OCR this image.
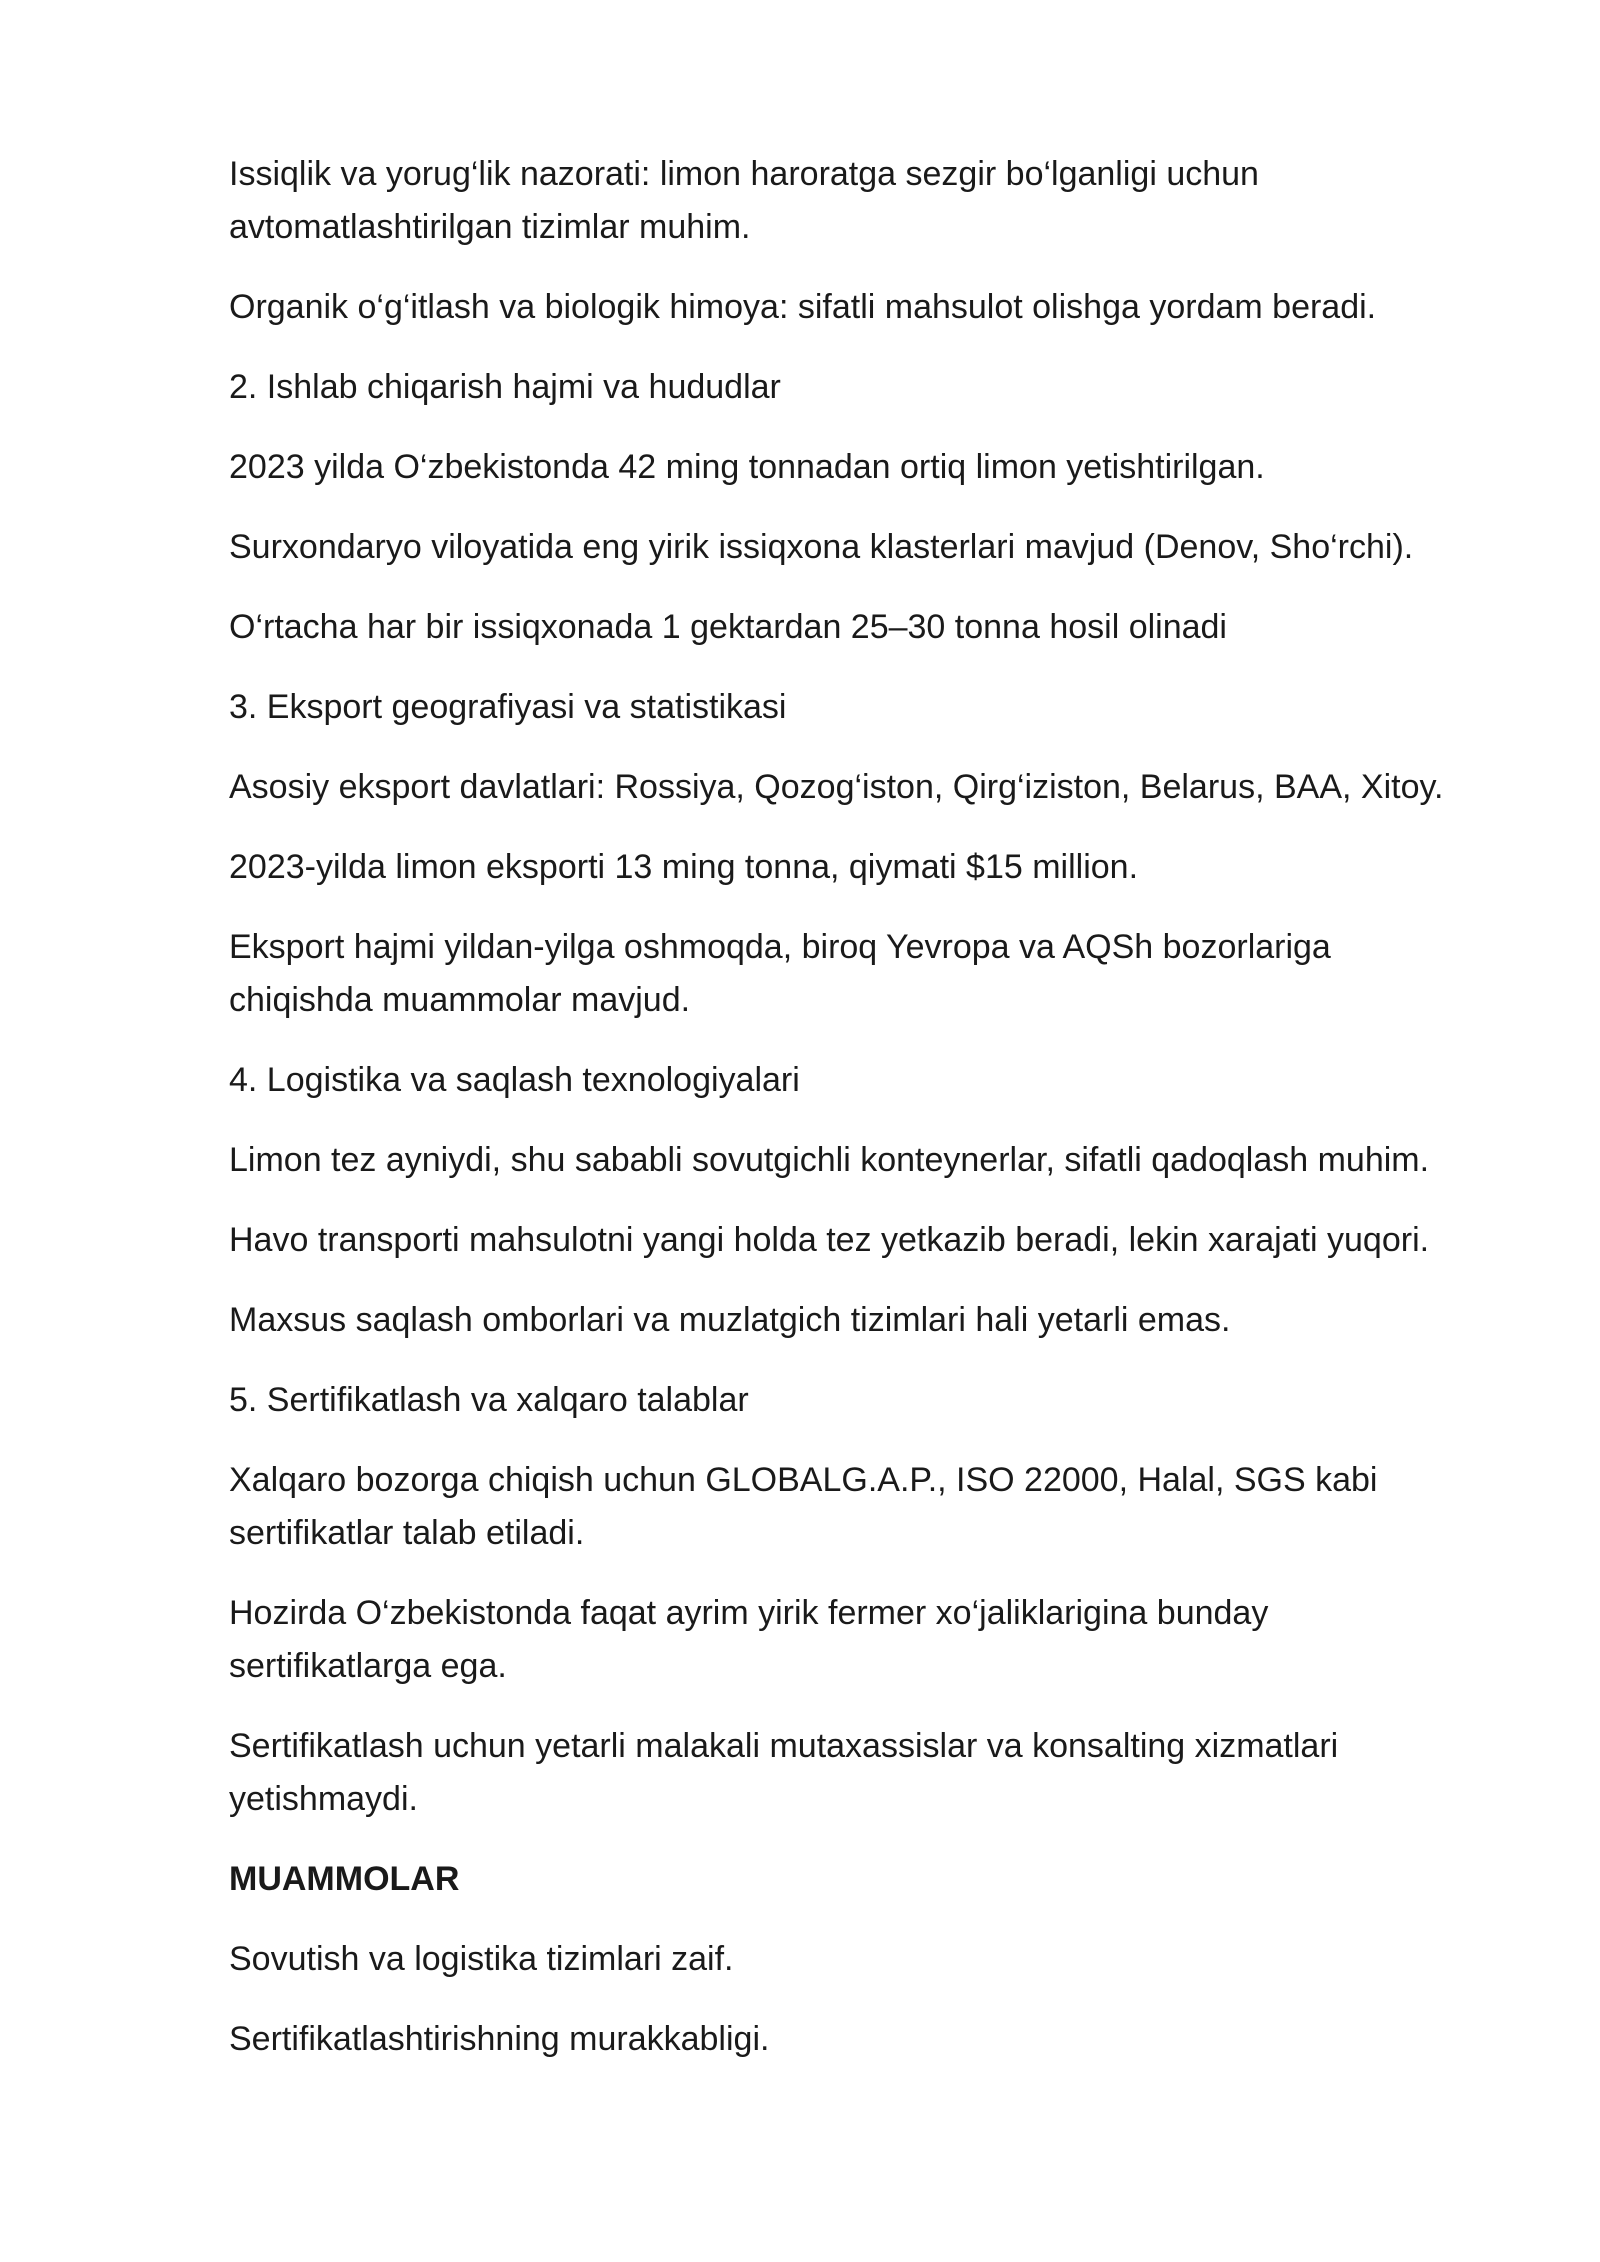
Issiqlik va yorug‘lik nazorati: limon haroratga sezgir bo‘lganligi uchun avtomatlashtirilgan tizimlar muhim.

Organik o‘g‘itlash va biologik himoya: sifatli mahsulot olishga yordam beradi.

2. Ishlab chiqarish hajmi va hududlar

2023 yilda O‘zbekistonda 42 ming tonnadan ortiq limon yetishtirilgan.

Surxondaryo viloyatida eng yirik issiqxona klasterlari mavjud (Denov, Sho‘rchi).

O‘rtacha har bir issiqxonada 1 gektardan 25–30 tonna hosil olinadi

3. Eksport geografiyasi va statistikasi

Asosiy eksport davlatlari: Rossiya, Qozog‘iston, Qirg‘iziston, Belarus, BAA, Xitoy.

2023-yilda limon eksporti 13 ming tonna, qiymati $15 million.

Eksport hajmi yildan-yilga oshmoqda, biroq Yevropa va AQSh bozorlariga chiqishda muammolar mavjud.

4. Logistika va saqlash texnologiyalari

Limon tez ayniydi, shu sababli sovutgichli konteynerlar, sifatli qadoqlash muhim.

Havo transporti mahsulotni yangi holda tez yetkazib beradi, lekin xarajati yuqori.

Maxsus saqlash omborlari va muzlatgich tizimlari hali yetarli emas.

5. Sertifikatlash va xalqaro talablar

Xalqaro bozorga chiqish uchun GLOBALG.A.P., ISO 22000, Halal, SGS kabi sertifikatlar talab etiladi.

Hozirda O‘zbekistonda faqat ayrim yirik fermer xo‘jaliklarigina bunday sertifikatlarga ega.

Sertifikatlash uchun yetarli malakali mutaxassislar va konsalting xizmatlari yetishmaydi.

MUAMMOLAR

Sovutish va logistika tizimlari zaif.

Sertifikatlashtirishning murakkabligi.
